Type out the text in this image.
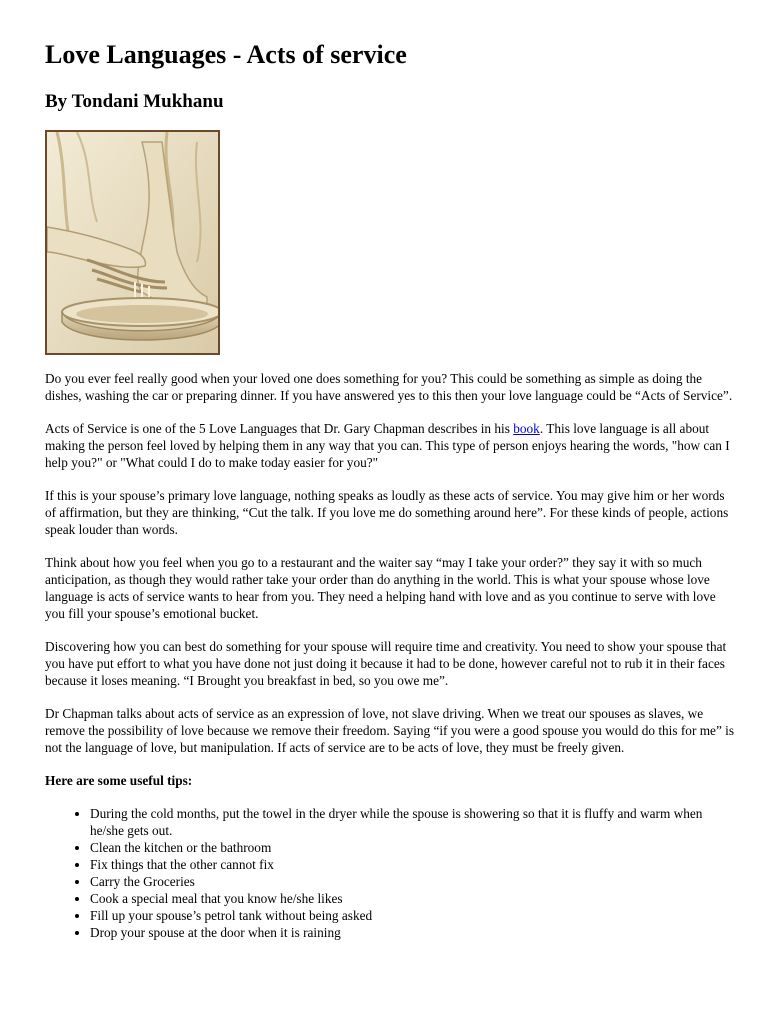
Love Languages - Acts of service
By Tondani Mukhanu

Do you ever feel really good when your loved one does something for you? This could be something as simple as doing the dishes, washing the car or preparing dinner. If you have answered yes to this then your love language could be “Acts of Service”.

Acts of Service is one of the 5 Love Languages that Dr. Gary Chapman describes in his book. This love language is all about making the person feel loved by helping them in any way that you can. This type of person enjoys hearing the words, "how can I help you?" or "What could I do to make today easier for you?"

If this is your spouse’s primary love language, nothing speaks as loudly as these acts of service. You may give him or her words of affirmation, but they are thinking, “Cut the talk. If you love me do something around here”. For these kinds of people, actions speak louder than words.

Think about how you feel when you go to a restaurant and the waiter say “may I take your order?” they say it with so much anticipation, as though they would rather take your order than do anything in the world. This is what your spouse whose love language is acts of service wants to hear from you. They need a helping hand with love and as you continue to serve with love you fill your spouse’s emotional bucket.

Discovering how you can best do something for your spouse will require time and creativity. You need to show your spouse that you have put effort to what you have done not just doing it because it had to be done, however careful not to rub it in their faces because it loses meaning. “I Brought you breakfast in bed, so you owe me”.

Dr Chapman talks about acts of service as an expression of love, not slave driving. When we treat our spouses as slaves, we remove the possibility of love because we remove their freedom. Saying “if you were a good spouse you would do this for me” is not the language of love, but manipulation. If acts of service are to be acts of love, they must be freely given.

Here are some useful tips:

• During the cold months, put the towel in the dryer while the spouse is showering so that it is fluffy and warm when he/she gets out.
• Clean the kitchen or the bathroom
• Fix things that the other cannot fix
• Carry the Groceries
• Cook a special meal that you know he/she likes
• Fill up your spouse’s petrol tank without being asked
• Drop your spouse at the door when it is raining
